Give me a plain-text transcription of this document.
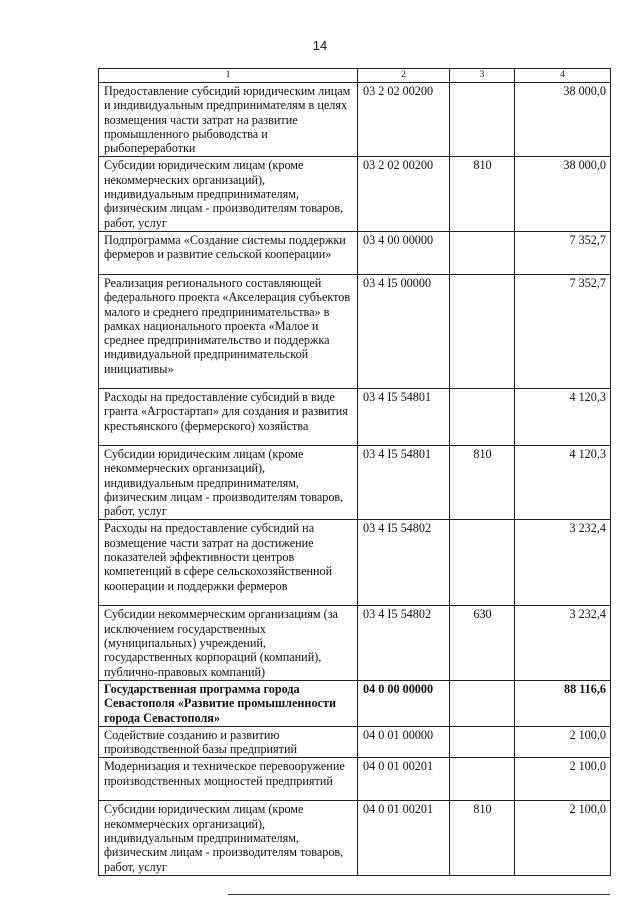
14
1	2	3	4
Предоставление субсидий юридическим лицам и индивидуальным предпринимателям в целях возмещения части затрат на развитие промышленного рыбоводства и рыбопереработки	03 2 02 00200		38 000,0
Субсидии юридическим лицам (кроме некоммерческих организаций), индивидуальным предпринимателям, физическим лицам - производителям товаров, работ, услуг	03 2 02 00200	810	38 000,0
Подпрограмма «Создание системы поддержки фермеров и развитие сельской кооперации»	03 4 00 00000		7 352,7
Реализация регионального составляющей федерального проекта «Акселерация субъектов малого и среднего предпринимательства» в рамках национального проекта «Малое и среднее предпринимательство и поддержка индивидуальной предпринимательской инициативы»	03 4 I5 00000		7 352,7
Расходы на предоставление субсидий в виде гранта «Агростартап» для создания и развития крестьянского (фермерского) хозяйства	03 4 I5 54801		4 120,3
Субсидии юридическим лицам (кроме некоммерческих организаций), индивидуальным предпринимателям, физическим лицам - производителям товаров, работ, услуг	03 4 I5 54801	810	4 120,3
Расходы на предоставление субсидий на возмещение части затрат на достижение показателей эффективности центров компетенций в сфере сельскохозяйственной кооперации и поддержки фермеров	03 4 I5 54802		3 232,4
Субсидии некоммерческим организациям (за исключением государственных (муниципальных) учреждений, государственных корпораций (компаний), публично-правовых компаний)	03 4 I5 54802	630	3 232,4
Государственная программа города Севастополя «Развитие промышленности города Севастополя»	04 0 00 00000		88 116,6
Содействие созданию и развитию производственной базы предприятий	04 0 01 00000		2 100,0
Модернизация и техническое перевооружение производственных мощностей предприятий	04 0 01 00201		2 100,0
Субсидии юридическим лицам (кроме некоммерческих организаций), индивидуальным предпринимателям, физическим лицам - производителям товаров, работ, услуг	04 0 01 00201	810	2 100,0
